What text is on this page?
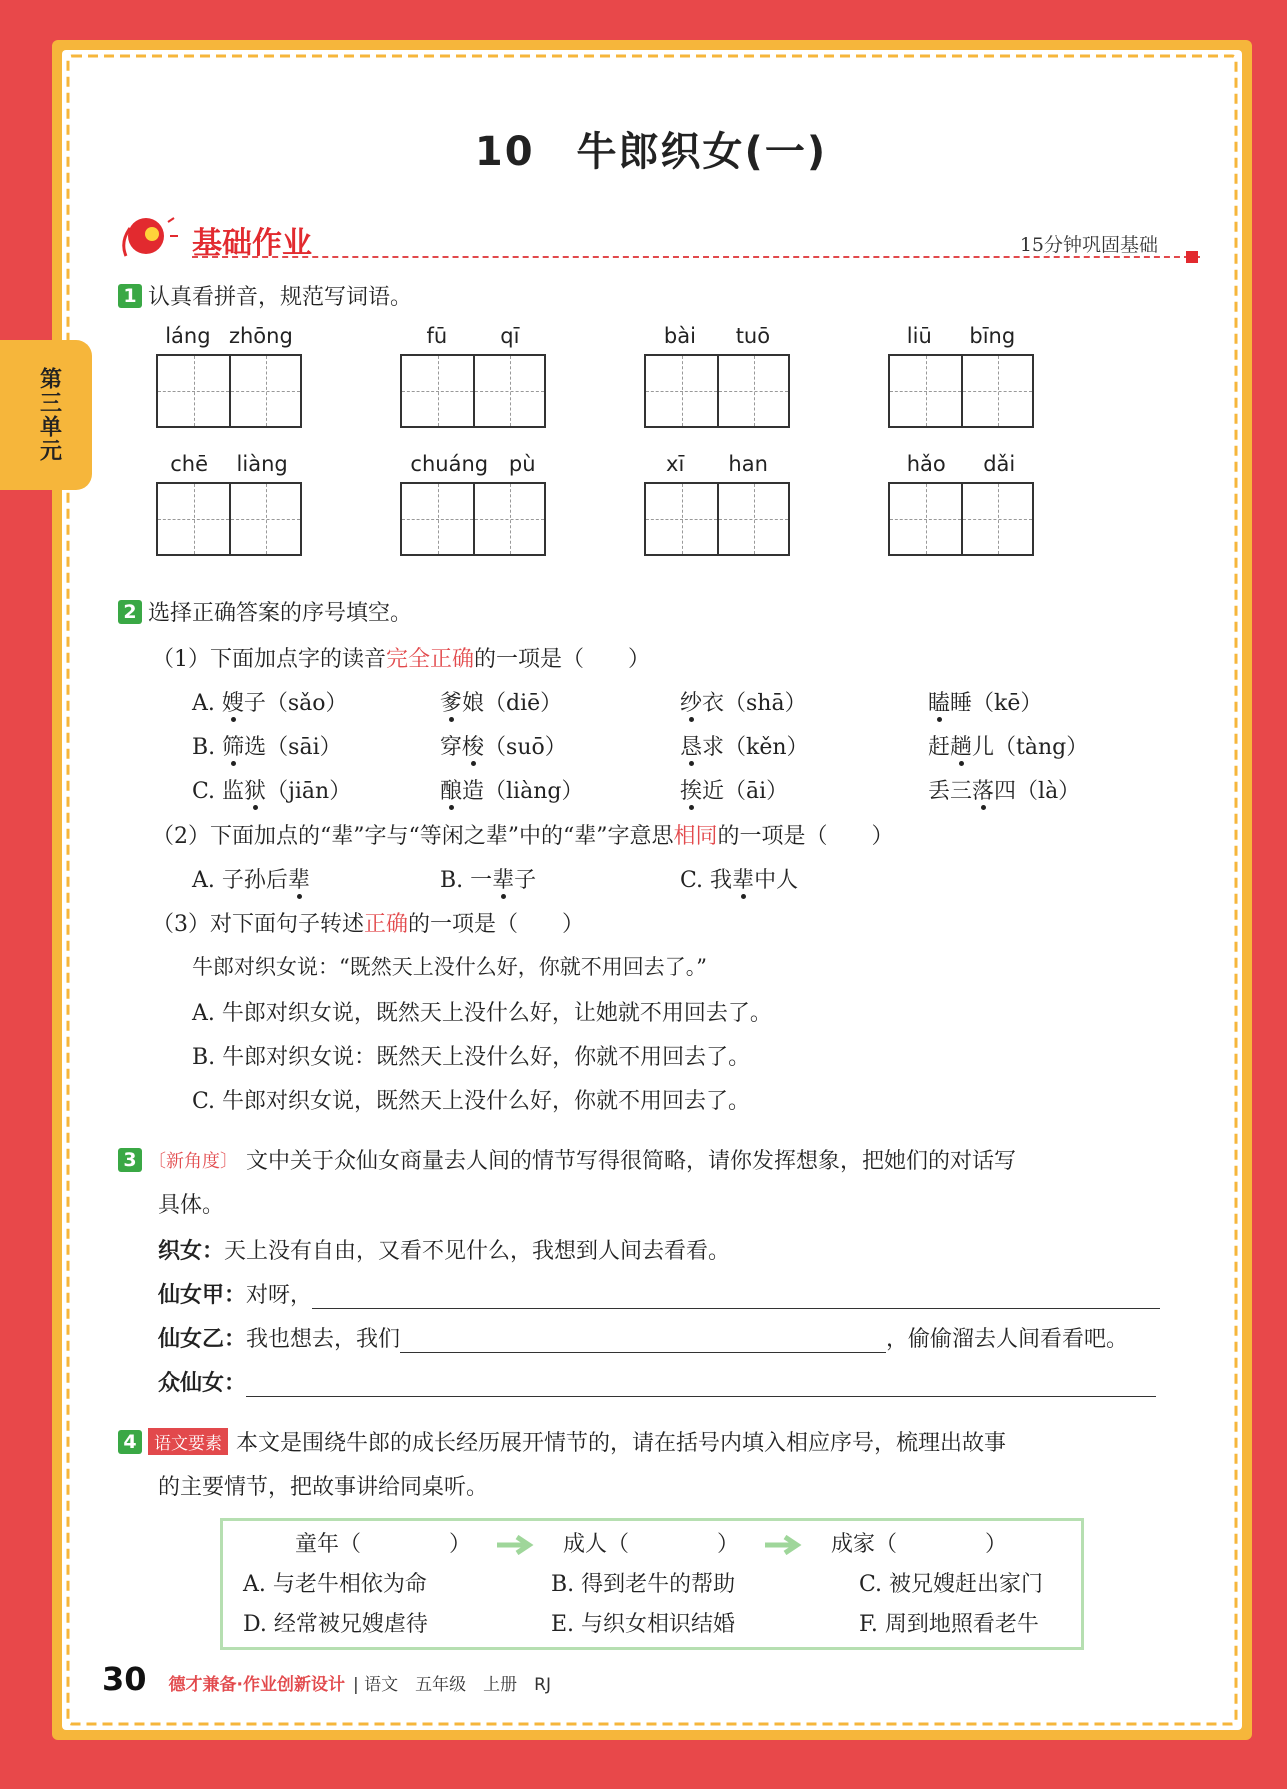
10　牛郎织女(一)
基础作业	15分钟巩固基础
1 认真看拼音，规范写词语。
láng zhōng	fū	qī	bài tuō	liū bīng
chē liàng	chuáng pù	xī han	hǎo dǎi
2 选择正确答案的序号填空。
（1）下面加点字的读音完全正确的一项是（　　）
A. 嫂子（sǎo）	爹娘（diē）	纱衣（shā）	瞌睡（kē）
B. 筛选（sāi）	穿梭（suō）	恳求（kěn）	赶趟儿（tàng）
C. 监狱（jiān）	酿造（liàng）	挨近（āi）	丢三落四（là）
（2）下面加点的“辈”字与“等闲之辈”中的“辈”字意思相同的一项是（　　）
A. 子孙后辈	B. 一辈子	C. 我辈中人
（3）对下面句子转述正确的一项是（　　）
牛郎对织女说：“既然天上没什么好，你就不用回去了。”
A. 牛郎对织女说，既然天上没什么好，让她就不用回去了。
B. 牛郎对织女说：既然天上没什么好，你就不用回去了。
C. 牛郎对织女说，既然天上没什么好，你就不用回去了。
3 〔新角度〕 文中关于众仙女商量去人间的情节写得很简略，请你发挥想象，把她们的对话写
具体。
织女：天上没有自由，又看不见什么，我想到人间去看看。
仙女甲：对呀，
仙女乙：我也想去，我们	，偷偷溜去人间看看吧。
众仙女：
4 语文要素 本文是围绕牛郎的成长经历展开情节的，请在括号内填入相应序号，梳理出故事
的主要情节，把故事讲给同桌听。
童年（　　　　）	成人（　　　　）	成家（　　　　）
A. 与老牛相依为命	B. 得到老牛的帮助	C. 被兄嫂赶出家门
D. 经常被兄嫂虐待	E. 与织女相识结婚	F. 周到地照看老牛
30 德才兼备·作业创新设计 | 语文　五年级　上册　RJ
第三单元
